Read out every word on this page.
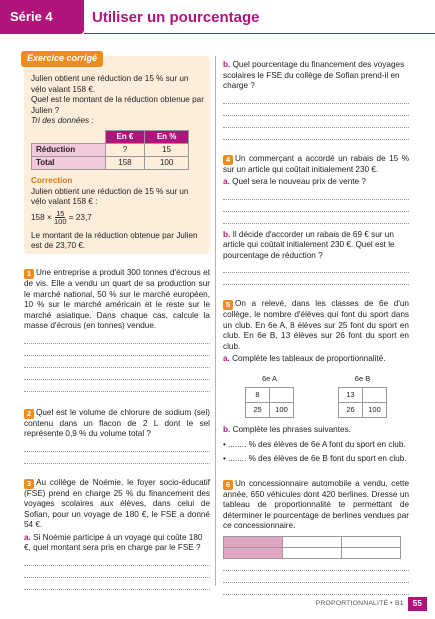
Série 4	Utiliser un pourcentage
Exercice corrigé

Julien obtient une réduction de 15 % sur un vélo valant 158 €.

Quel est le montant de la réduction obtenue par Julien ?

Tri des données :

	En €	En %
Réduction	?	15
Total	158	100

Correction

Julien obtient une réduction de 15 % sur un vélo valant 158 € :

$158 \times \frac{15}{100} = 23,7$

Le montant de la réduction obtenue par Julien est de 23,70 €.

1 Une entreprise a produit 300 tonnes d'écrous et de vis. Elle a vendu un quart de sa production sur le marché national, 50 % sur le marché européen, 10 % sur le marché américain et le reste sur le marché asiatique. Dans chaque cas, calcule la masse d'écrous (en tonnes) vendue.

2 Quel est le volume de chlorure de sodium (sel) contenu dans un flacon de 2 L dont le sel représente 0,9 % du volume total ?

3 Au collège de Noémie, le foyer socio-éducatif (FSE) prend en charge 25 % du financement des voyages scolaires aux élèves, dans celui de Sofian, pour un voyage de 180 €, le FSE a donné 54 €.

a. Si Noémie participe à un voyage qui coûte 180 €, quel montant sera pris en charge par le FSE ?

b. Quel pourcentage du financement des voyages scolaires le FSE du collège de Sofian prend-il en charge ?

4 Un commerçant a accordé un rabais de 15 % sur un article qui coûtait initialement 230 €.

a. Quel sera le nouveau prix de vente ?

b. Il décide d'accorder un rabais de 69 € sur un article qui coûtait initialement 230 €. Quel est le pourcentage de réduction ?

5 On a relevé, dans les classes de 6e d'un collège, le nombre d'élèves qui font du sport dans un club. En 6e A, 8 élèves sur 25 font du sport en club. En 6e B, 13 élèves sur 26 font du sport en club.

a. Complète les tableaux de proportionnalité.

6e A
8	
25	100
6e B
13	
26	100

b. Complète les phrases suivantes.

• ........ % des élèves de 6e A font du sport en club.

• ........ % des élèves de 6e B font du sport en club.

6 Un concessionnaire automobile a vendu, cette année, 650 véhicules dont 420 berlines. Dresse un tableau de proportionnalité te permettant de déterminer le pourcentage de berlines vendues par ce concessionnaire.

PROPORTIONNALITÉ • B1	55
